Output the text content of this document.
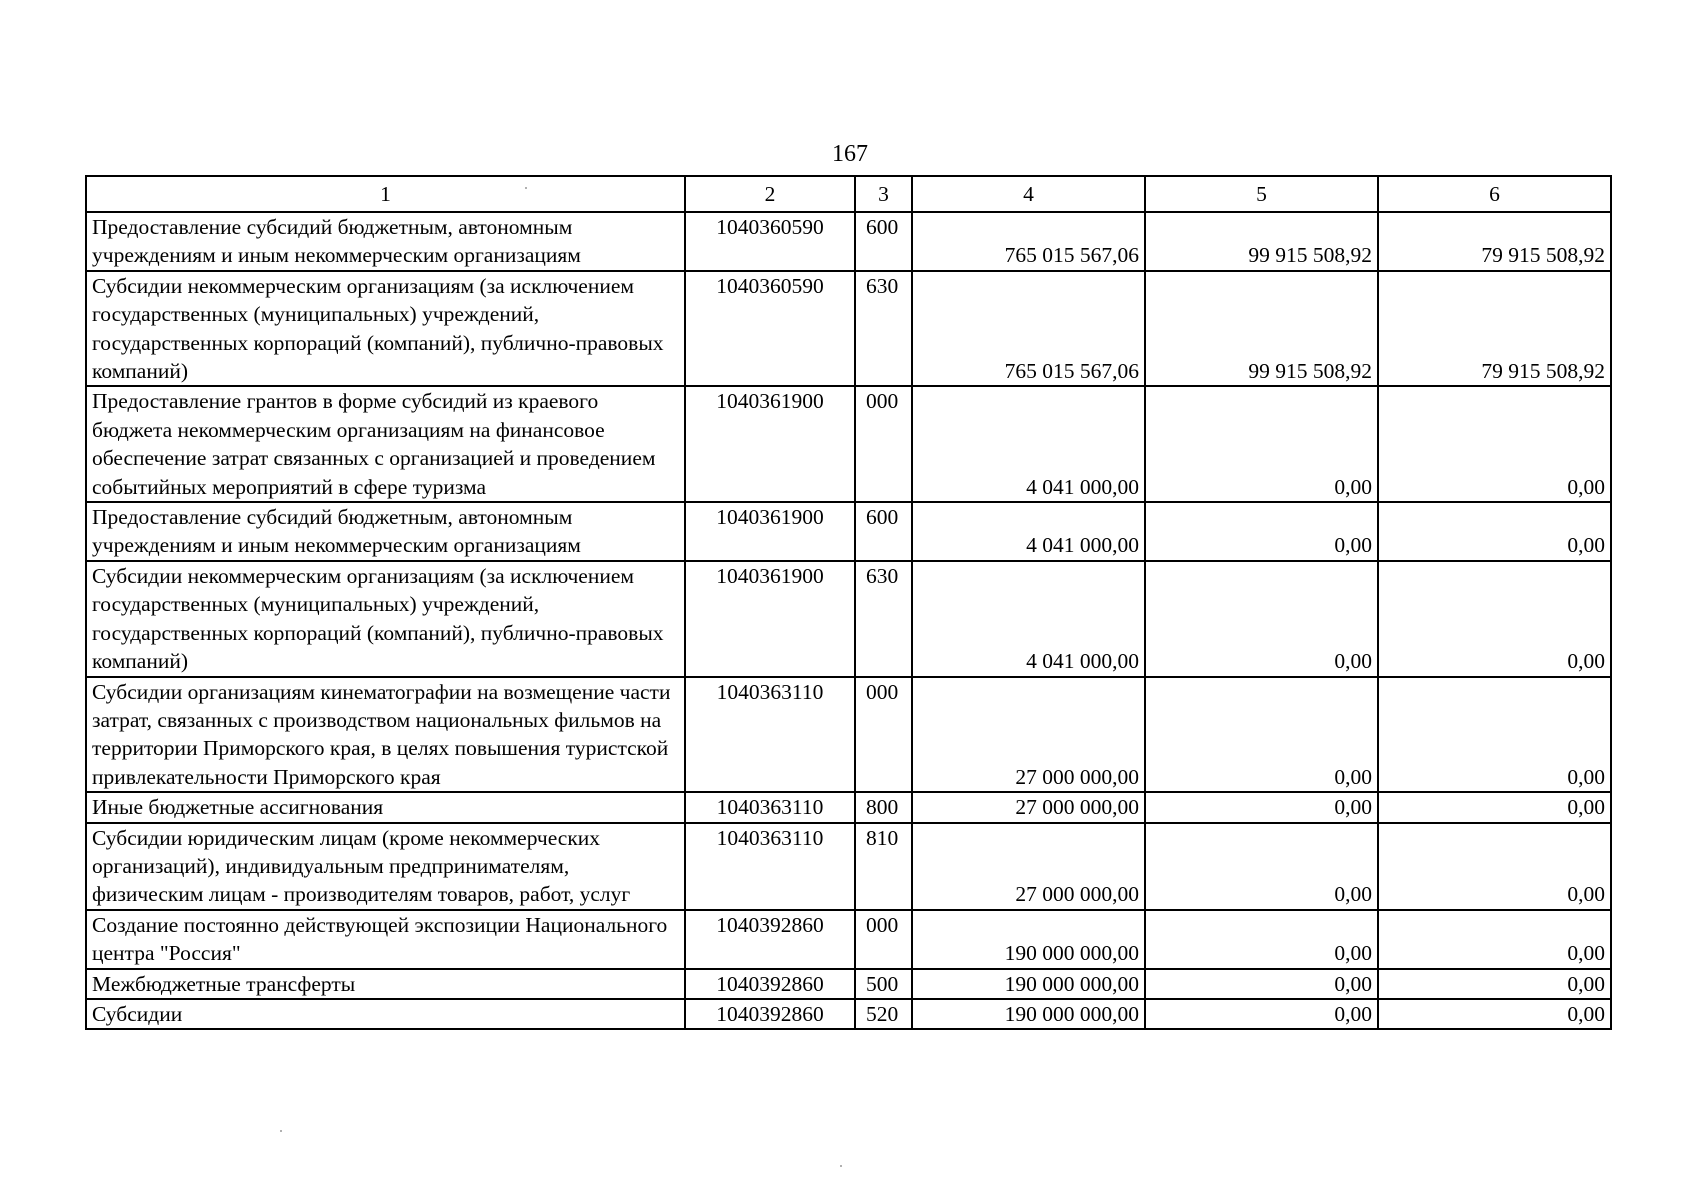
167
1	2	3	4	5	6
Предоставление субсидий бюджетным, автономным учреждениям и иным некоммерческим организациям	1040360590	600	765 015 567,06	99 915 508,92	79 915 508,92
Субсидии некоммерческим организациям (за исключением государственных (муниципальных) учреждений, государственных корпораций (компаний), публично-правовых компаний)	1040360590	630	765 015 567,06	99 915 508,92	79 915 508,92
Предоставление грантов в форме субсидий из краевого бюджета некоммерческим организациям на финансовое обеспечение затрат связанных с организацией и проведением событийных мероприятий в сфере туризма	1040361900	000	4 041 000,00	0,00	0,00
Предоставление субсидий бюджетным, автономным учреждениям и иным некоммерческим организациям	1040361900	600	4 041 000,00	0,00	0,00
Субсидии некоммерческим организациям (за исключением государственных (муниципальных) учреждений, государственных корпораций (компаний), публично-правовых компаний)	1040361900	630	4 041 000,00	0,00	0,00
Субсидии организациям кинематографии на возмещение части затрат, связанных с производством национальных фильмов на территории Приморского края, в целях повышения туристской привлекательности Приморского края	1040363110	000	27 000 000,00	0,00	0,00
Иные бюджетные ассигнования	1040363110	800	27 000 000,00	0,00	0,00
Субсидии юридическим лицам (кроме некоммерческих организаций), индивидуальным предпринимателям, физическим лицам - производителям товаров, работ, услуг	1040363110	810	27 000 000,00	0,00	0,00
Создание постоянно действующей экспозиции Национального центра "Россия"	1040392860	000	190 000 000,00	0,00	0,00
Межбюджетные трансферты	1040392860	500	190 000 000,00	0,00	0,00
Субсидии	1040392860	520	190 000 000,00	0,00	0,00
